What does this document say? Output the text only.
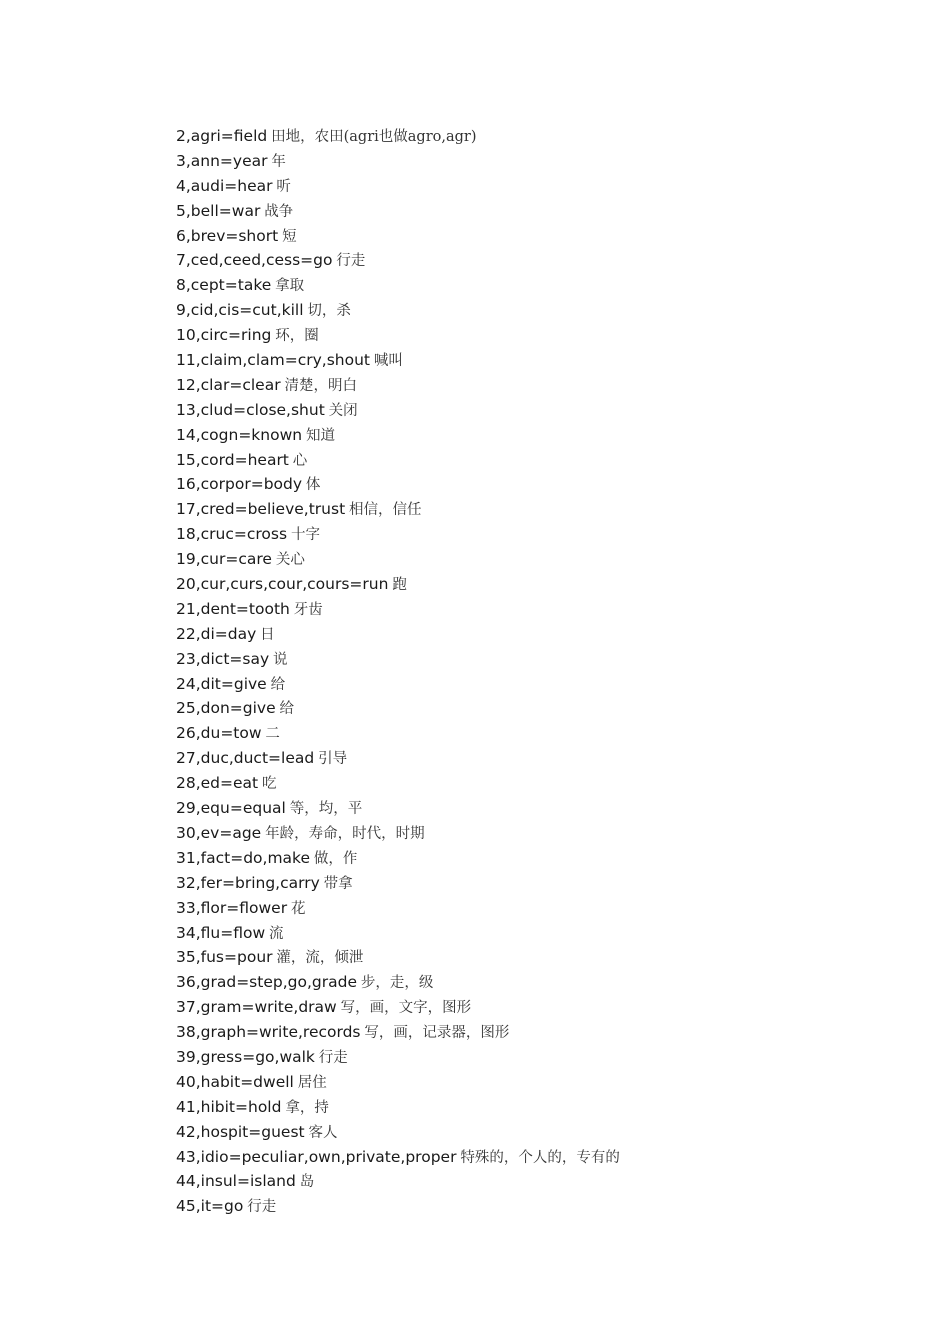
2,agri=field 田地，农田(agri也做agro,agr)
3,ann=year 年
4,audi=hear 听
5,bell=war 战争
6,brev=short 短
7,ced,ceed,cess=go 行走
8,cept=take 拿取
9,cid,cis=cut,kill 切，杀
10,circ=ring 环，圈
11,claim,clam=cry,shout 喊叫
12,clar=clear 清楚，明白
13,clud=close,shut 关闭
14,cogn=known 知道
15,cord=heart 心
16,corpor=body 体
17,cred=believe,trust 相信，信任
18,cruc=cross 十字
19,cur=care 关心
20,cur,curs,cour,cours=run 跑
21,dent=tooth 牙齿
22,di=day 日
23,dict=say 说
24,dit=give 给
25,don=give 给
26,du=tow 二
27,duc,duct=lead 引导
28,ed=eat 吃
29,equ=equal 等，均，平
30,ev=age 年龄，寿命，时代，时期
31,fact=do,make 做，作
32,fer=bring,carry 带拿
33,flor=flower 花
34,flu=flow 流
35,fus=pour 灌，流，倾泄
36,grad=step,go,grade 步，走，级
37,gram=write,draw 写，画，文字，图形
38,graph=write,records 写，画，记录器，图形
39,gress=go,walk 行走
40,habit=dwell 居住
41,hibit=hold 拿，持
42,hospit=guest 客人
43,idio=peculiar,own,private,proper 特殊的，个人的，专有的
44,insul=island 岛
45,it=go 行走
